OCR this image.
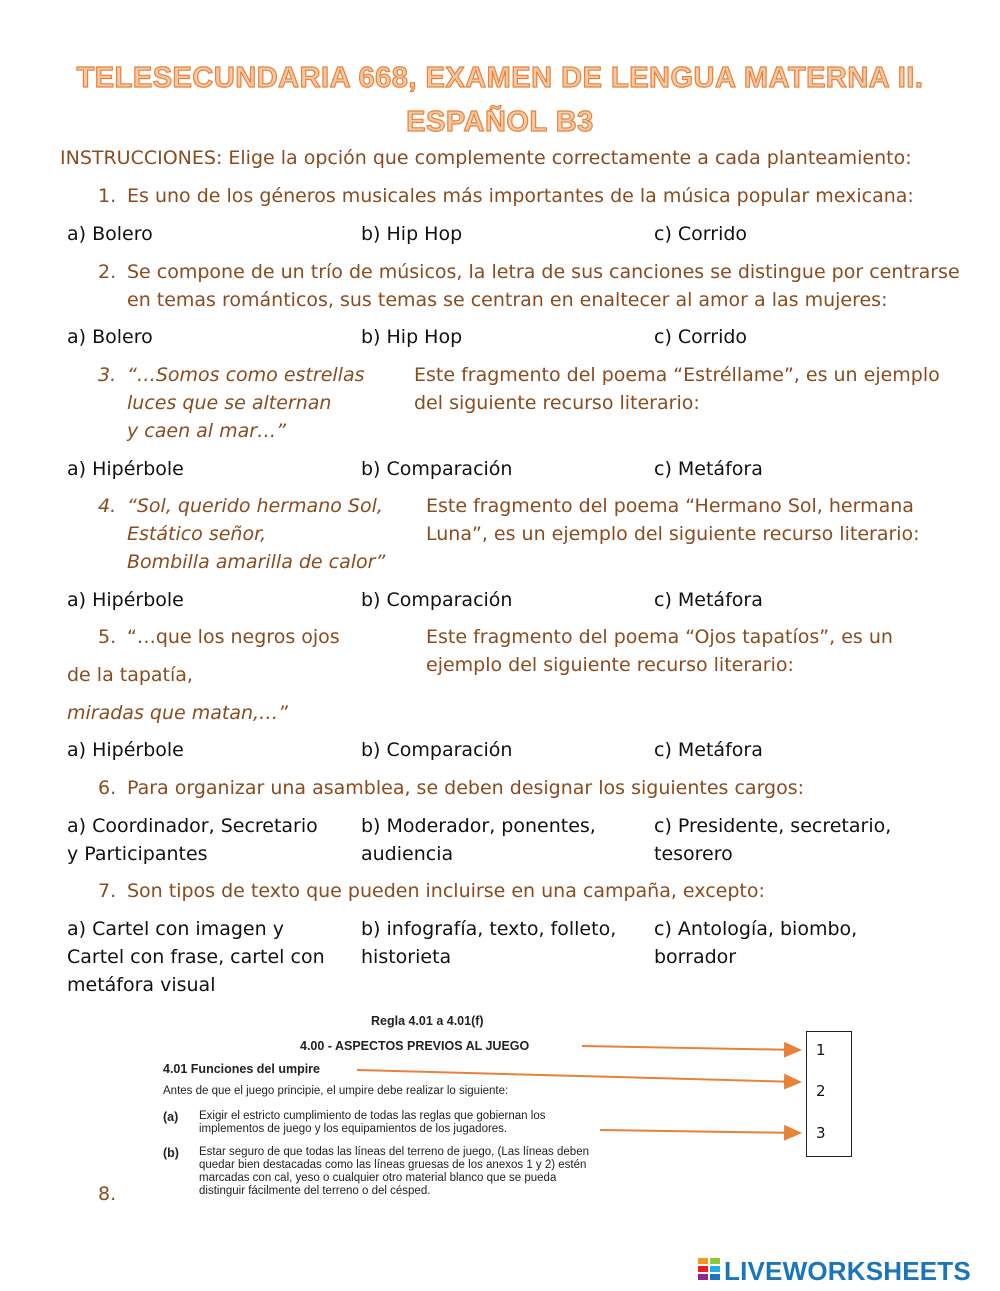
TELESECUNDARIA 668, EXAMEN DE LENGUA MATERNA II.
ESPAÑOL B3
INSTRUCCIONES: Elige la opción que complemente correctamente a cada planteamiento:
1. Es uno de los géneros musicales más importantes de la música popular mexicana:
a) Bolero	b) Hip Hop	c) Corrido
2. Se compone de un trío de músicos, la letra de sus canciones se distingue por centrarse
en temas románticos, sus temas se centran en enaltecer al amor a las mujeres:
a) Bolero	b) Hip Hop	c) Corrido
3. “…Somos como estrellas
luces que se alternan
y caen al mar…”
Este fragmento del poema “Estréllame”, es un ejemplo
del siguiente recurso literario:
a) Hipérbole	b) Comparación	c) Metáfora
4. “Sol, querido hermano Sol,
Estático señor,
Bombilla amarilla de calor”
Este fragmento del poema “Hermano Sol, hermana
Luna”, es un ejemplo del siguiente recurso literario:
a) Hipérbole	b) Comparación	c) Metáfora
5. “…que los negros ojos
de la tapatía,
miradas que matan,…”
Este fragmento del poema “Ojos tapatíos”, es un
ejemplo del siguiente recurso literario:
a) Hipérbole	b) Comparación	c) Metáfora
6. Para organizar una asamblea, se deben designar los siguientes cargos:
a) Coordinador, Secretario
y Participantes
b) Moderador, ponentes,
audiencia
c) Presidente, secretario,
tesorero
7. Son tipos de texto que pueden incluirse en una campaña, excepto:
a) Cartel con imagen y
Cartel con frase, cartel con
metáfora visual
b) infografía, texto, folleto,
historieta
c) Antología, biombo,
borrador
Regla 4.01 a 4.01(f)
4.00 - ASPECTOS PREVIOS AL JUEGO
4.01 Funciones del umpire
Antes de que el juego principie, el umpire debe realizar lo siguiente:
(a) Exigir el estricto cumplimiento de todas las reglas que gobiernan los
implementos de juego y los equipamientos de los jugadores.
(b) Estar seguro de que todas las líneas del terreno de juego, (Las líneas deben
quedar bien destacadas como las líneas gruesas de los anexos 1 y 2) estén
marcadas con cal, yeso o cualquier otro material blanco que se pueda
distinguir fácilmente del terreno o del césped.
1
2
3
8.
LIVEWORKSHEETS
